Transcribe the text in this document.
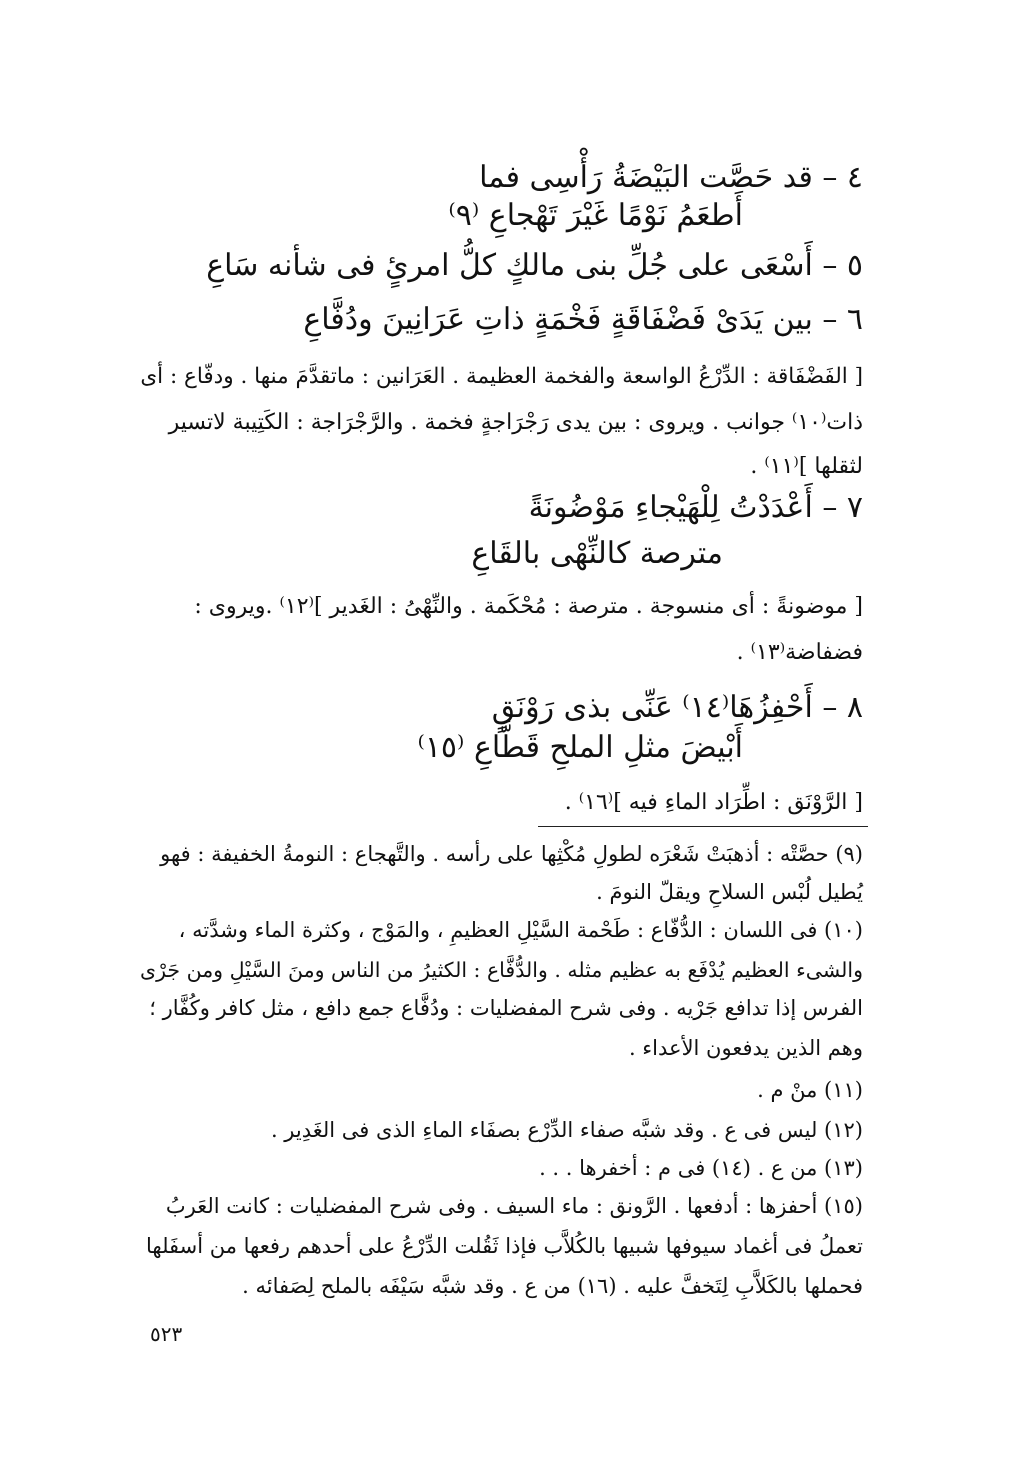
٤ – قد حَصَّت البَيْضَةُ رَأْسِى فما
أَطعَمُ نَوْمًا غَيْرَ تَهْجاعِ ⁽٩⁾
٥ – أَسْعَى على جُلِّ بنى مالكٍ كلُّ امرئٍ فى شأنه سَاعِ
٦ – بين يَدَىْ فَضْفَاقَةٍ فَخْمَةٍ ذاتِ عَرَانِينَ ودُفَّاعِ
[ الفَضْفَاقة : الدِّرْعُ الواسعة والفخمة العظيمة . العَرَانين : ماتقدَّمَ منها . ودفّاع : أى
ذات⁽١٠⁾ جوانب . ويروى : بين يدى رَجْرَاجةٍ فخمة . والرَّجْرَاجة : الكَتِيبة لاتسير
لثقلها ]⁽١١⁾ .
٧ – أَعْدَدْتُ لِلْهَيْجاءِ مَوْضُونَةً
مترصة كالنِّهْى بالقَاعِ
[ موضونةً : أى منسوجة . مترصة : مُحْكَمة . والنِّهْىُ : الغَدير ]⁽١٢⁾ .ويروى :
فضفاضة⁽١٣⁾ .
٨ – أَحْفِزُهَا⁽١٤⁾ عَنِّى بذى رَوْنَقٍ
أَبْيضَ مثلِ الملحِ قَطَّاعِ ⁽١٥⁾
[ الرَّوْنَق : اطِّرَاد الماءِ فيه ]⁽١٦⁾ .
(٩) حصَّتْه : أذهبَتْ شَعْرَه لطولِ مُكْثِها على رأسه . والتَّهجاع : النومةُ الخفيفة : فهو
يُطيل لُبْس السلاحِ ويقلّ النومَ .
(١٠) فى اللسان : الدُّفّاع : طَحْمة السَّيْلِ العظيمِ ، والمَوْج ، وكثرة الماء وشدَّته ،
والشىء العظيم يُدْفَع به عظيم مثله . والدُّفَّاع : الكثيرُ من الناس ومنَ السَّيْلِ ومن جَرْى
الفرس إذا تدافع جَرْيه . وفى شرح المفضليات : ودُفَّاع جمع دافع ، مثل كافر وكُفَّار ؛
وهم الذين يدفعون الأعداء .
(١١) منْ م .
(١٢) ليس فى ع . وقد شبَّه صفاء الدِّرْع بصفَاء الماءِ الذى فى الغَدِير .
(١٣) من ع . (١٤) فى م : أخفرها . . .
(١٥) أحفزها : أدفعها . الرَّونق : ماء السيف . وفى شرح المفضليات : كانت العَربُ
تعملُ فى أغماد سيوفها شبيها بالكُلاَّب فإذا ثَقُلت الدِّرْعُ على أحدهم رفعها من أسفَلها
فحملها بالكَلاَّبِ لِتَخفَّ عليه . (١٦) من ع . وقد شبَّه سَيْفَه بالملح لِصَفائه .
٥٢٣
